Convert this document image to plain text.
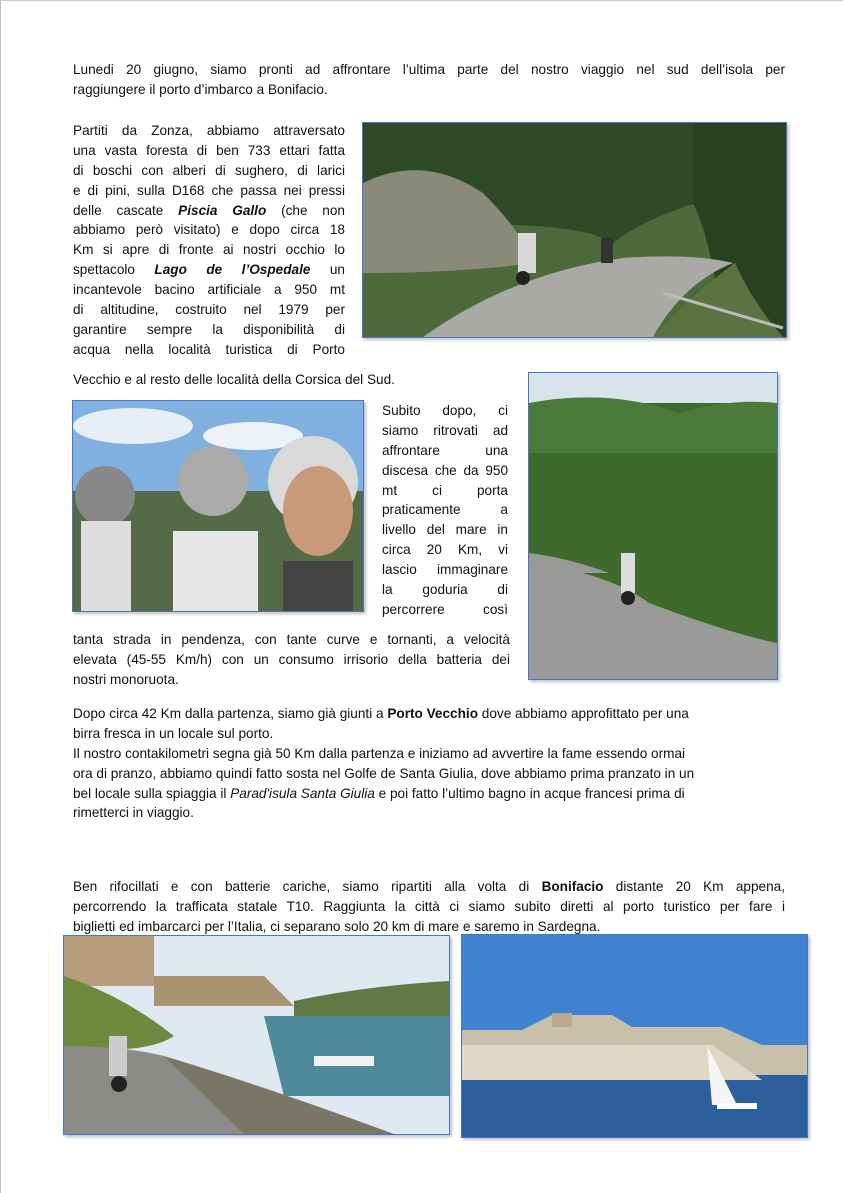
Lunedi 20 giugno, siamo pronti ad affrontare l’ultima parte del nostro viaggio nel sud dell’isola per
raggiungere il porto d’imbarco a Bonifacio.
Partiti da Zonza, abbiamo attraversato
una vasta foresta di ben 733 ettari fatta
di boschi con alberi di sughero, di larici
e di pini, sulla D168 che passa nei pressi
delle cascate Piscia Gallo (che non
abbiamo però visitato) e dopo circa 18
Km si apre di fronte ai nostri occhio lo
spettacolo Lago de l’Ospedale un
incantevole bacino artificiale a 950 mt
di altitudine, costruito nel 1979 per
garantire sempre la disponibilità di
acqua nella località turistica di Porto
Vecchio e al resto delle località della Corsica del Sud.
Subito dopo, ci
siamo ritrovati ad
affrontare una
discesa che da 950
mt ci porta
praticamente a
livello del mare in
circa 20 Km, vi
lascio immaginare
la goduria di
percorrere così
tanta strada in pendenza, con tante curve e tornanti, a velocità
elevata (45-55 Km/h) con un consumo irrisorio della batteria dei
nostri monoruota.
Dopo circa 42 Km dalla partenza, siamo già giunti a Porto Vecchio dove abbiamo approfittato per una
birra fresca in un locale sul porto.
Il nostro contakilometri segna già 50 Km dalla partenza e iniziamo ad avvertire la fame essendo ormai
ora di pranzo, abbiamo quindi fatto sosta nel Golfe de Santa Giulia, dove abbiamo prima pranzato in un
bel locale sulla spiaggia il Parad'isula Santa Giulia e poi fatto l’ultimo bagno in acque francesi prima di
rimetterci in viaggio.
Ben rifocillati e con batterie cariche, siamo ripartiti alla volta di Bonifacio distante 20 Km appena,
percorrendo la trafficata statale T10. Raggiunta la città ci siamo subito diretti al porto turistico per fare i
biglietti ed imbarcarci per l’Italia, ci separano solo 20 km di mare e saremo in Sardegna.
